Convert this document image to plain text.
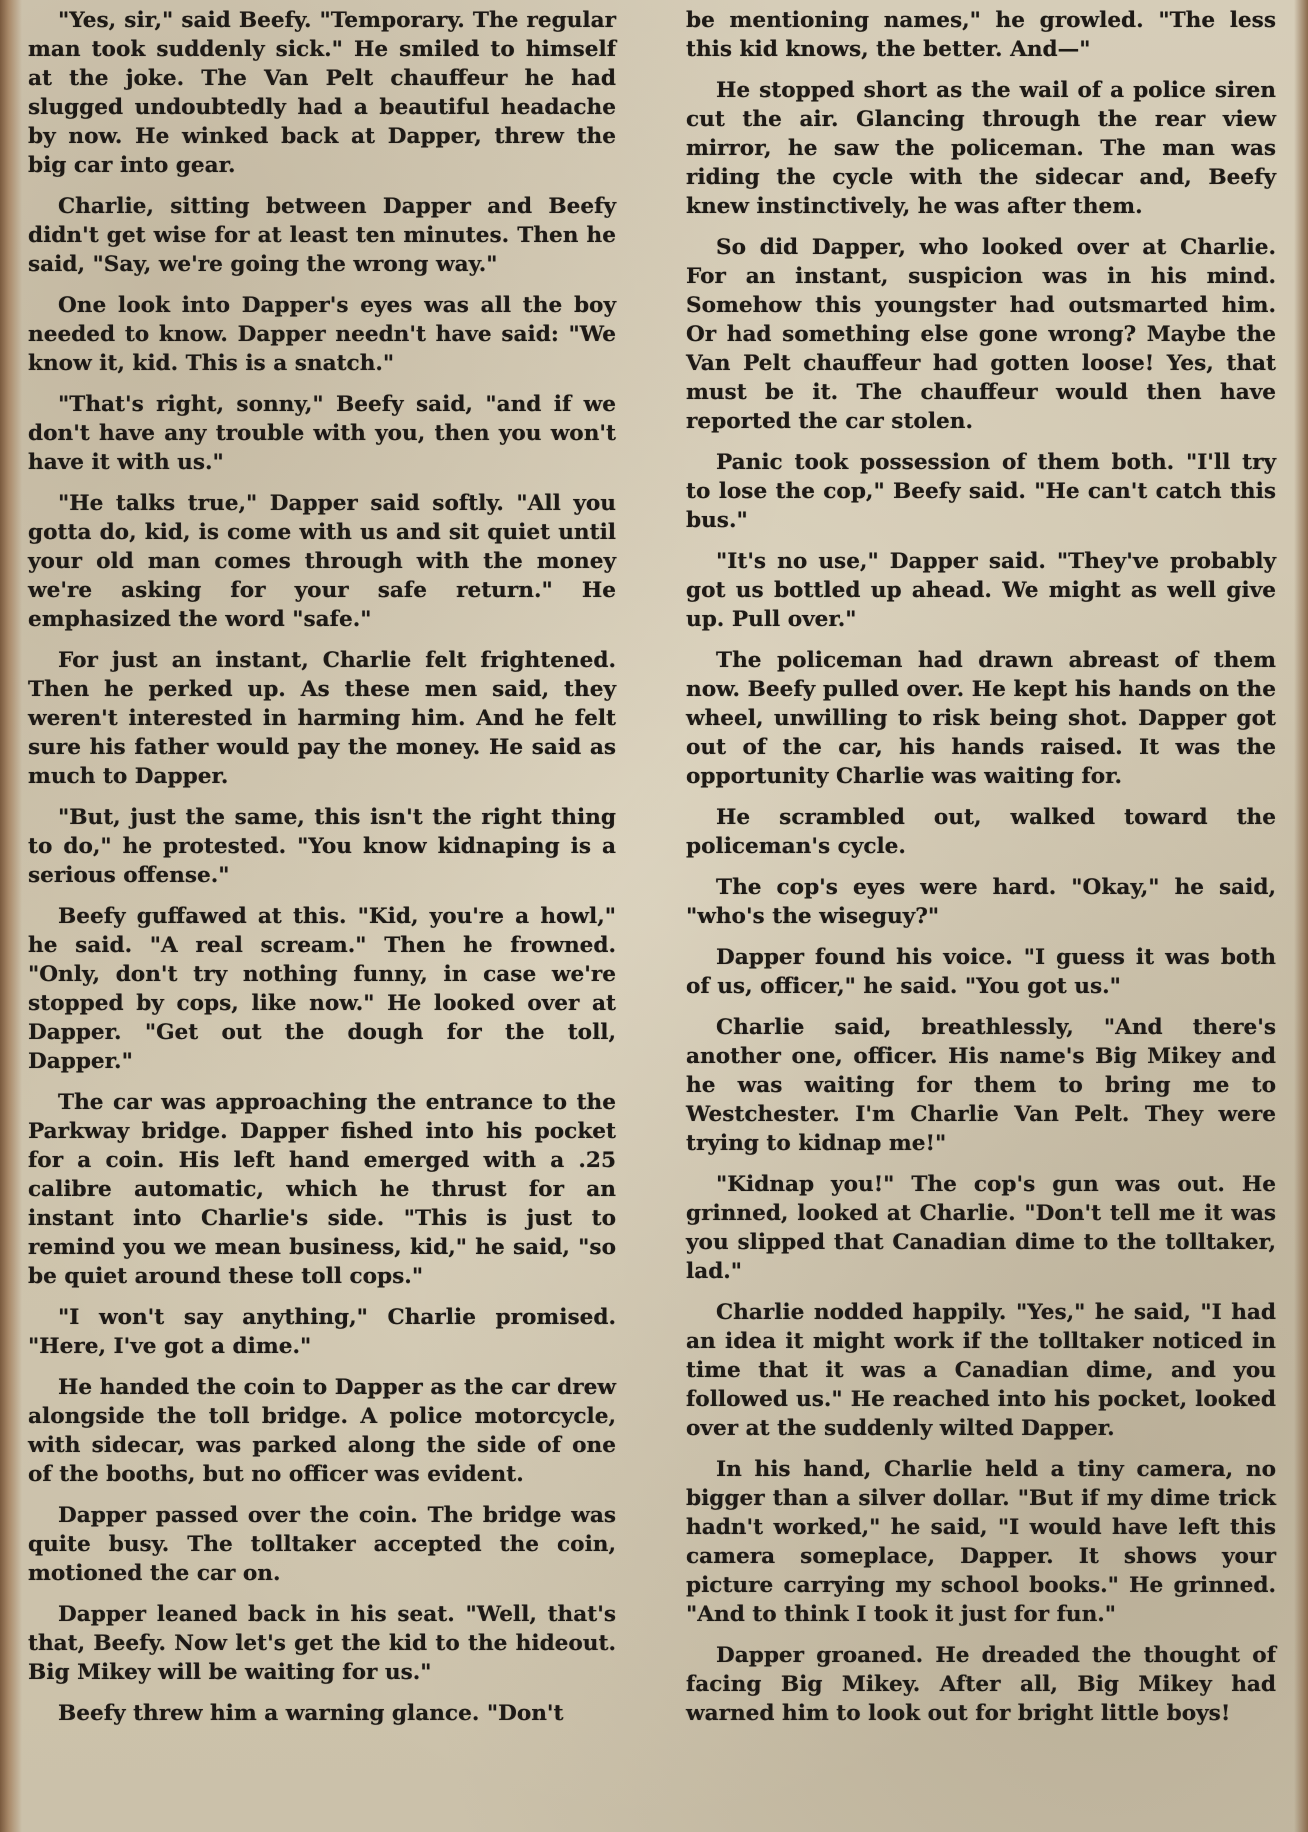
"Yes, sir," said Beefy. "Temporary. The regular man took suddenly sick." He smiled to himself at the joke. The Van Pelt chauffeur he had slugged undoubtedly had a beautiful headache by now. He winked back at Dapper, threw the big car into gear.

Charlie, sitting between Dapper and Beefy didn't get wise for at least ten minutes. Then he said, "Say, we're going the wrong way."

One look into Dapper's eyes was all the boy needed to know. Dapper needn't have said: "We know it, kid. This is a snatch."

"That's right, sonny," Beefy said, "and if we don't have any trouble with you, then you won't have it with us."

"He talks true," Dapper said softly. "All you gotta do, kid, is come with us and sit quiet until your old man comes through with the money we're asking for your safe return." He emphasized the word "safe."

For just an instant, Charlie felt frightened. Then he perked up. As these men said, they weren't interested in harming him. And he felt sure his father would pay the money. He said as much to Dapper.

"But, just the same, this isn't the right thing to do," he protested. "You know kidnaping is a serious offense."

Beefy guffawed at this. "Kid, you're a howl," he said. "A real scream." Then he frowned. "Only, don't try nothing funny, in case we're stopped by cops, like now." He looked over at Dapper. "Get out the dough for the toll, Dapper."

The car was approaching the entrance to the Parkway bridge. Dapper fished into his pocket for a coin. His left hand emerged with a .25 calibre automatic, which he thrust for an instant into Charlie's side. "This is just to remind you we mean business, kid," he said, "so be quiet around these toll cops."

"I won't say anything," Charlie promised. "Here, I've got a dime."

He handed the coin to Dapper as the car drew alongside the toll bridge. A police motorcycle, with sidecar, was parked along the side of one of the booths, but no officer was evident.

Dapper passed over the coin. The bridge was quite busy. The tolltaker accepted the coin, motioned the car on.

Dapper leaned back in his seat. "Well, that's that, Beefy. Now let's get the kid to the hideout. Big Mikey will be waiting for us."

Beefy threw him a warning glance. "Don't

be mentioning names," he growled. "The less this kid knows, the better. And—"

He stopped short as the wail of a police siren cut the air. Glancing through the rear view mirror, he saw the policeman. The man was riding the cycle with the sidecar and, Beefy knew instinctively, he was after them.

So did Dapper, who looked over at Charlie. For an instant, suspicion was in his mind. Somehow this youngster had outsmarted him. Or had something else gone wrong? Maybe the Van Pelt chauffeur had gotten loose! Yes, that must be it. The chauffeur would then have reported the car stolen.

Panic took possession of them both. "I'll try to lose the cop," Beefy said. "He can't catch this bus."

"It's no use," Dapper said. "They've probably got us bottled up ahead. We might as well give up. Pull over."

The policeman had drawn abreast of them now. Beefy pulled over. He kept his hands on the wheel, unwilling to risk being shot. Dapper got out of the car, his hands raised. It was the opportunity Charlie was waiting for.

He scrambled out, walked toward the policeman's cycle.

The cop's eyes were hard. "Okay," he said, "who's the wiseguy?"

Dapper found his voice. "I guess it was both of us, officer," he said. "You got us."

Charlie said, breathlessly, "And there's another one, officer. His name's Big Mikey and he was waiting for them to bring me to Westchester. I'm Charlie Van Pelt. They were trying to kidnap me!"

"Kidnap you!" The cop's gun was out. He grinned, looked at Charlie. "Don't tell me it was you slipped that Canadian dime to the tolltaker, lad."

Charlie nodded happily. "Yes," he said, "I had an idea it might work if the tolltaker noticed in time that it was a Canadian dime, and you followed us." He reached into his pocket, looked over at the suddenly wilted Dapper.

In his hand, Charlie held a tiny camera, no bigger than a silver dollar. "But if my dime trick hadn't worked," he said, "I would have left this camera someplace, Dapper. It shows your picture carrying my school books." He grinned. "And to think I took it just for fun."

Dapper groaned. He dreaded the thought of facing Big Mikey. After all, Big Mikey had warned him to look out for bright little boys!
